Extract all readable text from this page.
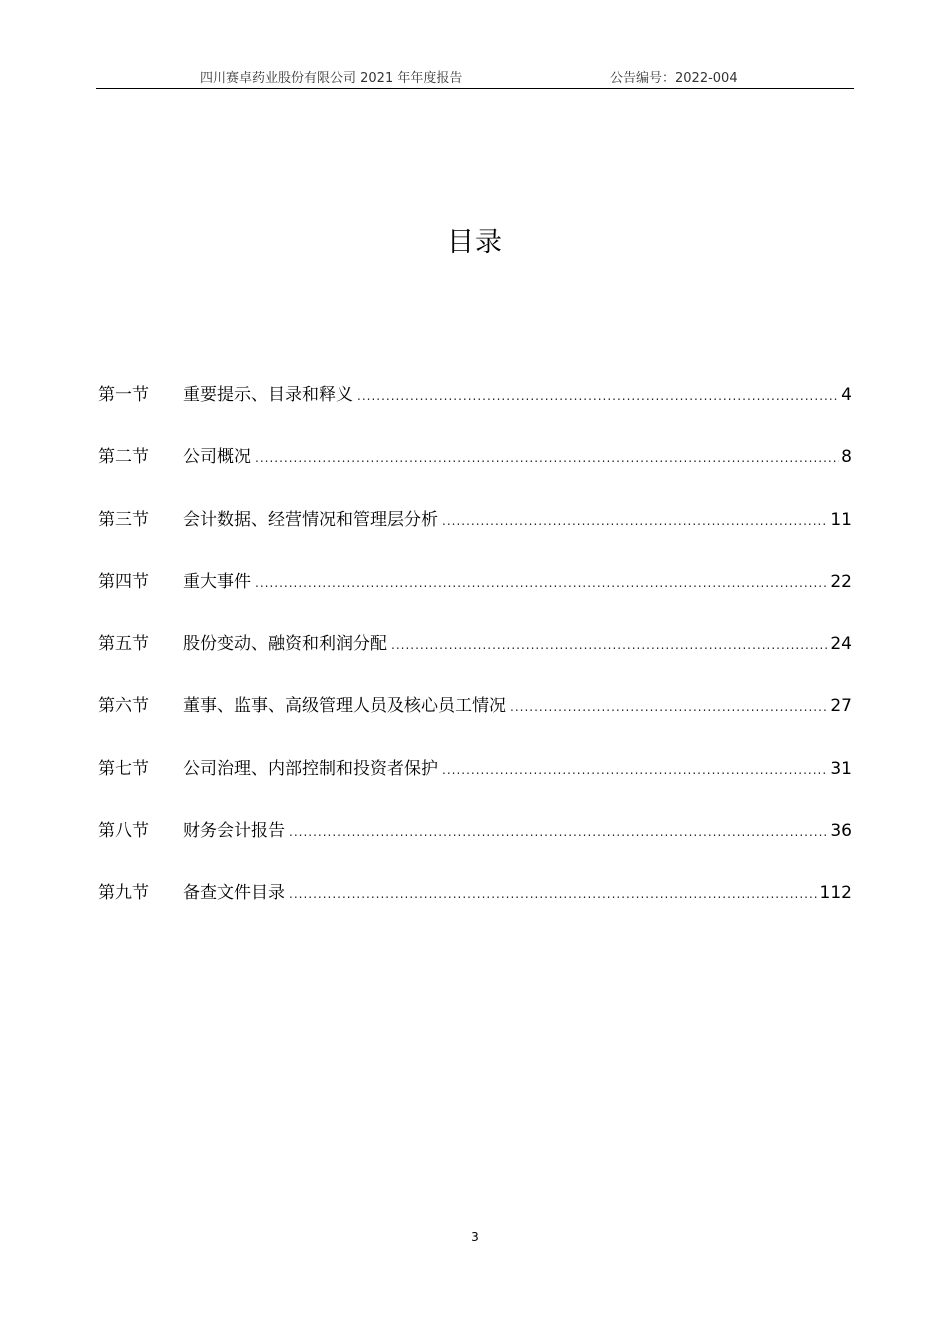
四川赛卓药业股份有限公司 2021 年年度报告	公告编号：2022-004
目录
第一节	重要提示、目录和释义 .....	4
第二节	公司概况 .....	8
第三节	会计数据、经营情况和管理层分析 .....	11
第四节	重大事件 .....	22
第五节	股份变动、融资和利润分配 .....	24
第六节	董事、监事、高级管理人员及核心员工情况 .....	27
第七节	公司治理、内部控制和投资者保护 .....	31
第八节	财务会计报告 .....	36
第九节	备查文件目录 .....	112
3
